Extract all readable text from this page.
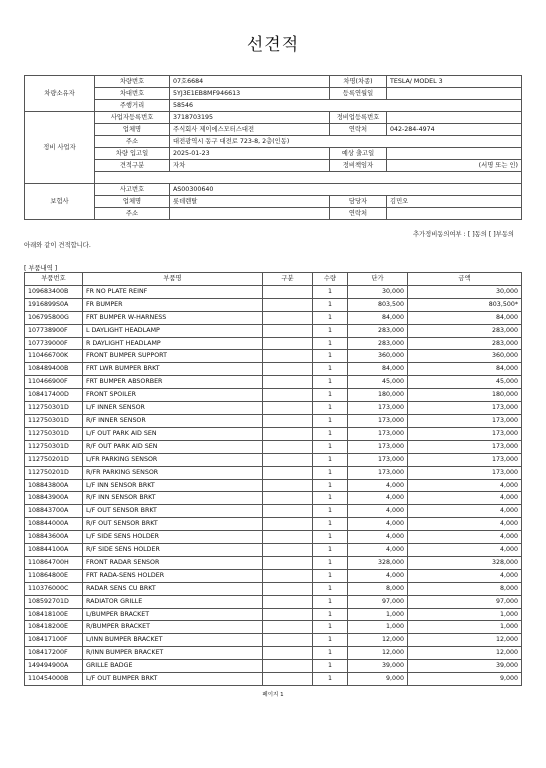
선견적
차량소유자	차량번호	07호6684	차명(차종)	TESLA/ MODEL 3
	차대번호	5YJ3E1EB8MF946613	등록연월일	
	주행거리	58546		
정비 사업자	사업자등록번호	3718703195	정비업등록번호	
	업체명	주식회사 제이에스모터스대전	연락처	042-284-4974
	주소	대전광역시 동구 대전로 723-8, 2층(인동)		
	차량 입고일	2025-01-23	예상 출고일	
	견적구분	자차	정비책임자	(서명 또는 인)

보험사	사고번호	AS00300640		
	업체명	롯데렌탈	담당자	김민오
	주소		연락처	
추가정비동의여부 : [ ]동의 [ ]부동의
아래와 같이 견적합니다.
[ 부품내역 ]
부품번호	부품명	구분	수량	단가	금액
109683400B	FR NO PLATE REINF		1	30,000	30,000
1916899S0A	FR BUMPER		1	803,500	803,500*
106795800G	FRT BUMPER W-HARNESS		1	84,000	84,000
107738900F	L DAYLIGHT HEADLAMP		1	283,000	283,000
107739000F	R DAYLIGHT HEADLAMP		1	283,000	283,000
110466700K	FRONT BUMPER SUPPORT		1	360,000	360,000
108489400B	FRT LWR BUMPER BRKT		1	84,000	84,000
110466900F	FRT BUMPER ABSORBER		1	45,000	45,000
108417400D	FRONT SPOILER		1	180,000	180,000
112750301D	L/F INNER SENSOR		1	173,000	173,000
112750301D	R/F INNER SENSOR		1	173,000	173,000
112750301D	L/F OUT PARK AID SEN		1	173,000	173,000
112750301D	R/F OUT PARK AID SEN		1	173,000	173,000
112750201D	L/FR PARKING SENSOR		1	173,000	173,000
112750201D	R/FR PARKING SENSOR		1	173,000	173,000
108843800A	L/F INN SENSOR BRKT		1	4,000	4,000
108843900A	R/F INN SENSOR BRKT		1	4,000	4,000
108843700A	L/F OUT SENSOR BRKT		1	4,000	4,000
108844000A	R/F OUT SENSOR BRKT		1	4,000	4,000
108843600A	L/F SIDE SENS HOLDER		1	4,000	4,000
108844100A	R/F SIDE SENS HOLDER		1	4,000	4,000
110864700H	FRONT RADAR SENSOR		1	328,000	328,000
110864800E	FRT RADA-SENS HOLDER		1	4,000	4,000
110376000C	RADAR SENS CU BRKT		1	8,000	8,000
108592701D	RADIATOR GRILLE		1	97,000	97,000
108418100E	L/BUMPER BRACKET		1	1,000	1,000
108418200E	R/BUMPER BRACKET		1	1,000	1,000
108417100F	L/INN BUMPER BRACKET		1	12,000	12,000
108417200F	R/INN BUMPER BRACKET		1	12,000	12,000
149494900A	GRILLE BADGE		1	39,000	39,000
110454000B	L/F OUT BUMPER BRKT		1	9,000	9,000
페이지 1
